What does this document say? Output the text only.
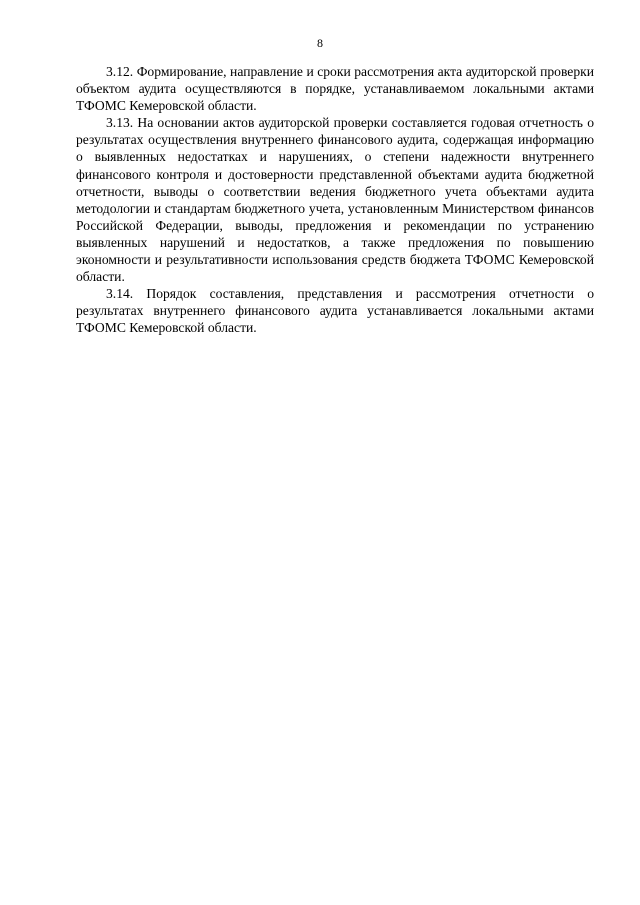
8

3.12. Формирование, направление и сроки рассмотрения акта аудиторской проверки объектом аудита осуществляются в порядке, устанавливаемом локальными актами ТФОМС Кемеровской области.

3.13. На основании актов аудиторской проверки составляется годовая отчетность о результатах осуществления внутреннего финансового аудита, содержащая информацию о выявленных недостатках и нарушениях, о степени надежности внутреннего финансового контроля и достоверности представленной объектами аудита бюджетной отчетности, выводы о соответствии ведения бюджетного учета объектами аудита методологии и стандартам бюджетного учета, установленным Министерством финансов Российской Федерации, выводы, предложения и рекомендации по устранению выявленных нарушений и недостатков, а также предложения по повышению экономности и результативности использования средств бюджета ТФОМС Кемеровской области.

3.14. Порядок составления, представления и рассмотрения отчетности о результатах внутреннего финансового аудита устанавливается локальными актами ТФОМС Кемеровской области.
